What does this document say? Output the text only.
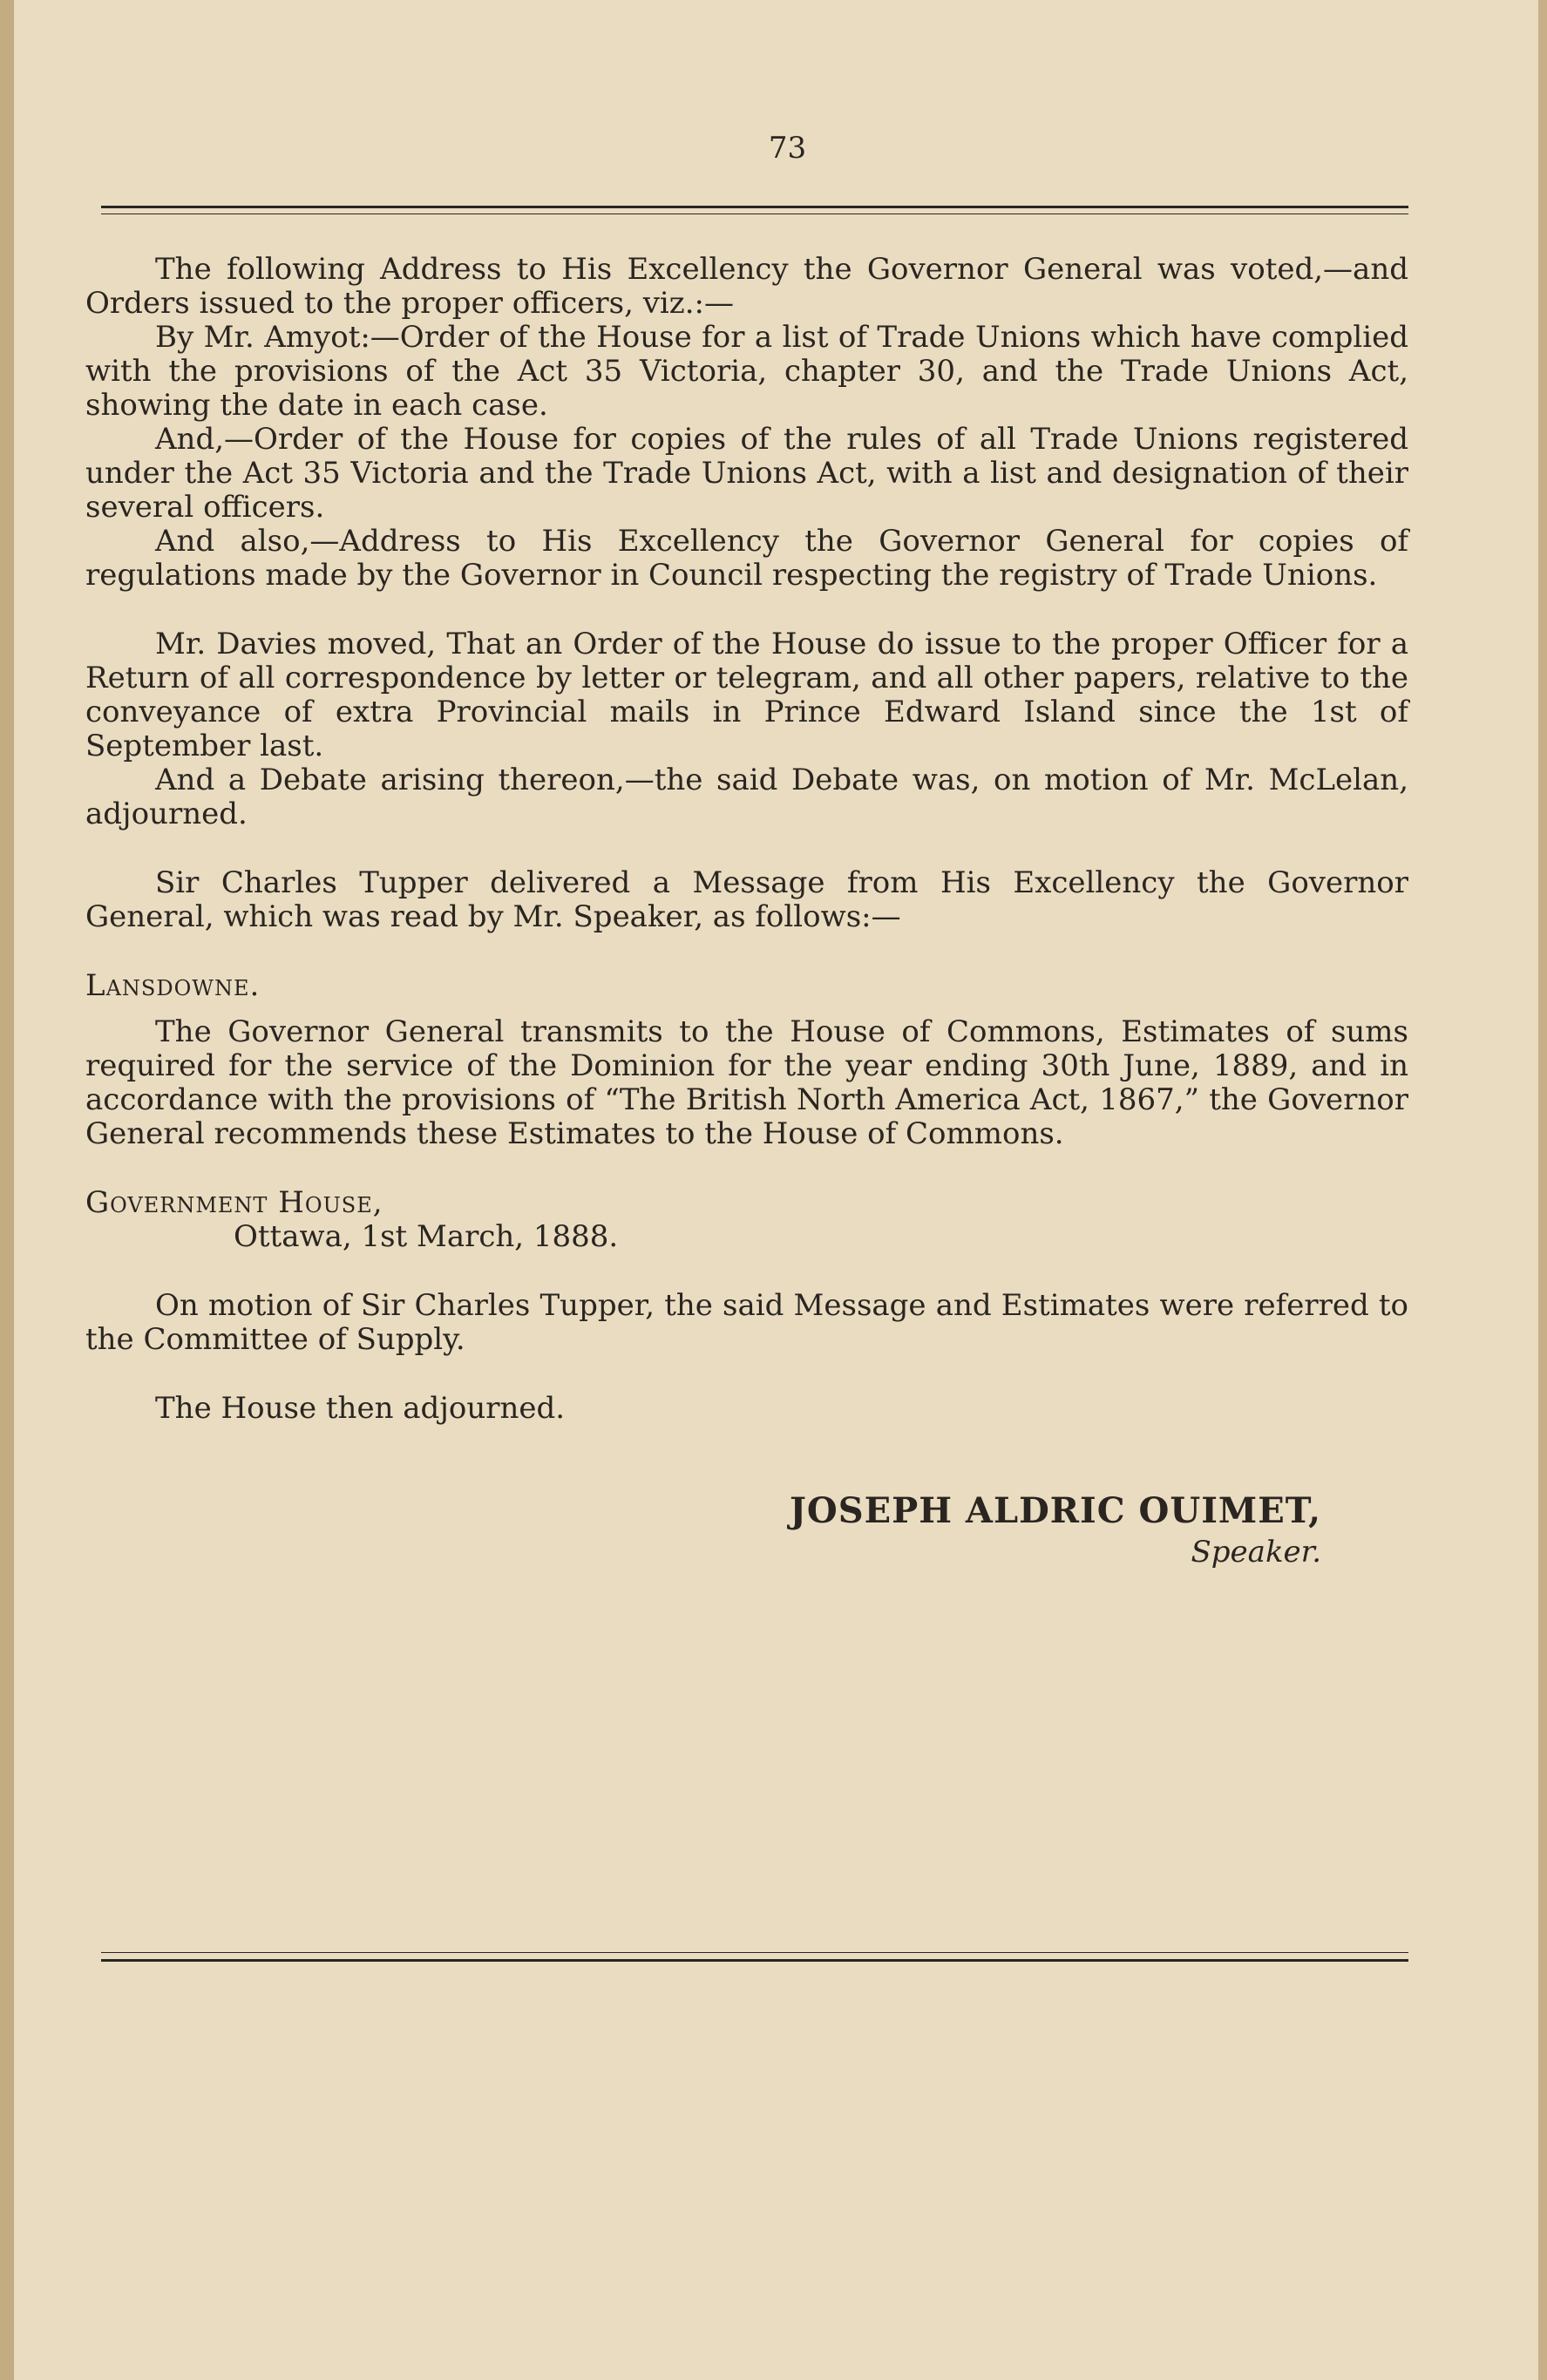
73

The following Address to His Excellency the Governor General was voted,—and Orders issued to the proper officers, viz.:—

By Mr. Amyot:—Order of the House for a list of Trade Unions which have complied with the provisions of the Act 35 Victoria, chapter 30, and the Trade Unions Act, showing the date in each case.

And,—Order of the House for copies of the rules of all Trade Unions registered under the Act 35 Victoria and the Trade Unions Act, with a list and designation of their several officers.

And also,—Address to His Excellency the Governor General for copies of regulations made by the Governor in Council respecting the registry of Trade Unions.

Mr. Davies moved, That an Order of the House do issue to the proper Officer for a Return of all correspondence by letter or telegram, and all other papers, relative to the conveyance of extra Provincial mails in Prince Edward Island since the 1st of September last.

And a Debate arising thereon,—the said Debate was, on motion of Mr. McLelan, adjourned.

Sir Charles Tupper delivered a Message from His Excellency the Governor General, which was read by Mr. Speaker, as follows:—

Lansdowne.

The Governor General transmits to the House of Commons, Estimates of sums required for the service of the Dominion for the year ending 30th June, 1889, and in accordance with the provisions of “The British North America Act, 1867,” the Governor General recommends these Estimates to the House of Commons.

Government House,

Ottawa, 1st March, 1888.

On motion of Sir Charles Tupper, the said Message and Estimates were referred to the Committee of Supply.

The House then adjourned.

JOSEPH ALDRIC OUIMET,
Speaker.
